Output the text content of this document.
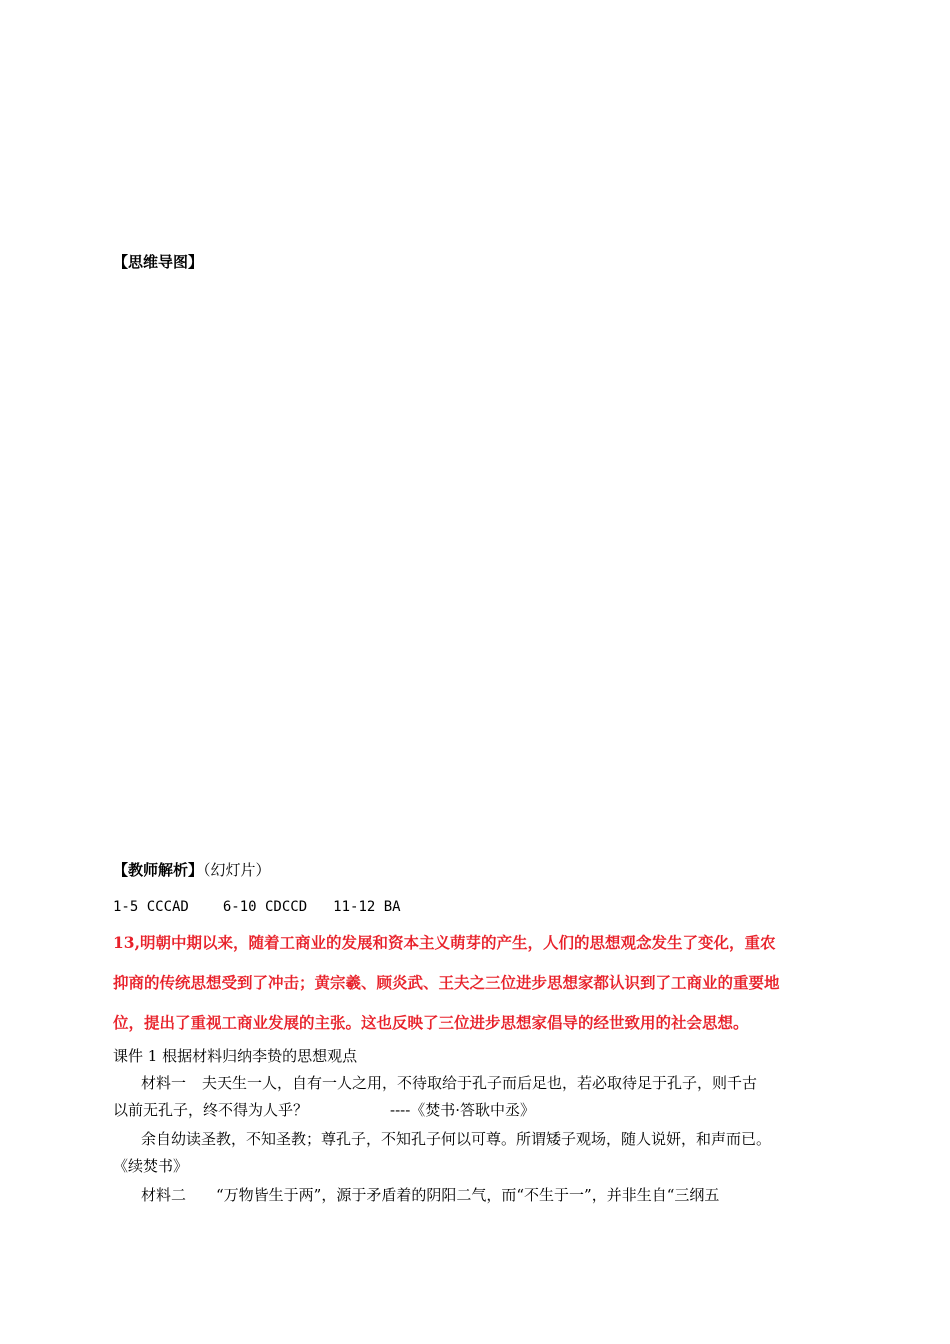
【思维导图】
【教师解析】（幻灯片）
1-5 CCCAD 6-10 CDCCD 11-12 BA
13,明朝中期以来，随着工商业的发展和资本主义萌芽的产生，人们的思想观念发生了变化，重农
抑商的传统思想受到了冲击；黄宗羲、顾炎武、王夫之三位进步思想家都认识到了工商业的重要地
位，提出了重视工商业发展的主张。这也反映了三位进步思想家倡导的经世致用的社会思想。
课件 1 根据材料归纳李贽的思想观点
材料一 夫天生一人，自有一人之用，不待取给于孔子而后足也，若必取待足于孔子，则千古
以前无孔子，终不得为人乎？	----《焚书·答耿中丞》
余自幼读圣教，不知圣教；尊孔子，不知孔子何以可尊。所谓矮子观场，随人说妍，和声而已。
《续焚书》
材料二 “万物皆生于两”，源于矛盾着的阴阳二气，而“不生于一”，并非生自“三纲五
